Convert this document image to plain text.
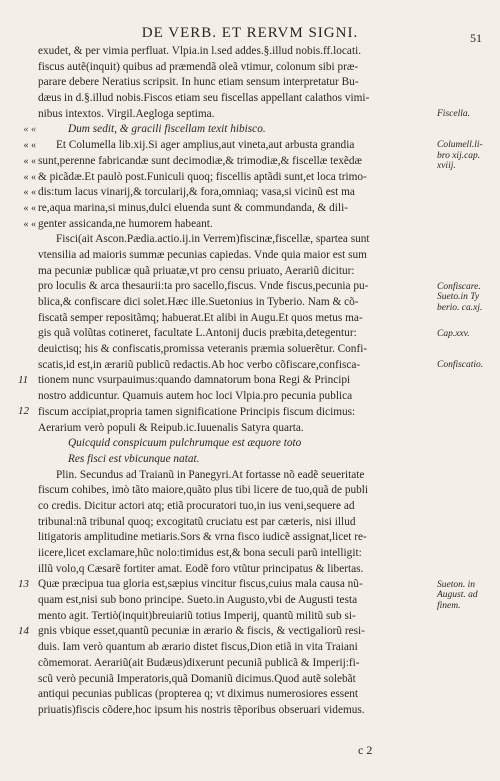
DE VERB. ET RERVM SIGNI.	51
exudet, & per vimia perfluat. Vlpia.in l.sed addes.§.illud nobis.ff.locati.
fiscus autẽ(inquit) quibus ad præmendã oleã vtimur, colonum sibi præ-
parare debere Neratius scripsit. In hunc etiam sensum interpretatur Bu-
dæus in d.§.illud nobis.Fiscos etiam seu fiscellas appellant calathos vimi-
nibus intextos. Virgil.Aegloga septima.
Dum sedit, & gracili fiscellam texit hibisco.
« «
Et Columella lib.xij.Si ager amplius,aut vineta,aut arbusta grandia
« «
sunt,perenne fabricandæ sunt decimodiæ,& trimodiæ,& fiscellæ texẽdæ
« «
& picãdæ.Et paulò post.Funiculi quoq; fiscellis aptãdi sunt,et loca trimo-
« «
dis:tum lacus vinarij,& torcularij,& fora,omniaq; vasa,si vicinũ est ma
« «
re,aqua marina,si minus,dulci eluenda sunt & commundanda, & dili-
« «
genter assicanda,ne humorem habeant.
« «
Fisci(ait Ascon.Pædia.actio.ij.in Verrem)fiscinæ,fiscellæ, spartea sunt
vtensilia ad maioris summæ pecunias capiedas. Vnde quia maior est sum
ma pecuniæ publicæ quã priuatæ,vt pro censu priuato, Aerariũ dicitur:
pro loculis & arca thesaurii:ta pro sacello,fiscus. Vnde fiscus,pecunia pu-
blica,& confiscare dici solet.Hæc ille.Suetonius in Tyberio. Nam & cõ-
fiscatã semper repositãmq; habuerat.Et alibi in Augu.Et quos metus ma-
gis quã volũtas cotineret, facultate L.Antonij ducis præbita,detegentur:
deuictisq; his & confiscatis,promissa veteranis præmia soluerẽtur. Confi-
scatis,id est,in ærariũ publicũ redactis.Ab hoc verbo cõfiscare,confisca-
tionem nunc vsurpauimus:quando damnatorum bona Regi & Principi
nostro addicuntur. Quamuis autem hoc loci Vlpia.pro pecunia publica
fiscum accipiat,propria tamen significatione Principis fiscum dicimus:
Aerarium verò populi & Reipub.ic.Iuuenalis Satyra quarta.
Quicquid conspicuum pulchrumque est æquore toto
Res fisci est vbicunque natat.
Plin. Secundus ad Traianũ in Panegyri.At fortasse nõ eadẽ seueritate
fiscum cohibes, imò tãto maiore,quãto plus tibi licere de tuo,quã de publi
co credis. Dicitur actori atq; etiã procuratori tuo,in ius veni,sequere ad
tribunal:nã tribunal quoq; excogitatũ cruciatu est par cæteris, nisi illud
litigatoris amplitudine metiaris.Sors & vrna fisco iudicẽ assignat,licet re-
iicere,licet exclamare,hũc nolo:timidus est,& bona seculi parũ intelligit:
illũ volo,q Cæsarẽ fortiter amat. Eodẽ foro vtũtur principatus & libertas.
Quæ præcipua tua gloria est,sæpius vincitur fiscus,cuius mala causa nũ-
quam est,nisi sub bono principe. Sueto.in Augusto,vbi de Augusti testa
mento agit. Tertiò(inquit)breuiariũ totius Imperij, quantũ militũ sub si-
gnis vbique esset,quantũ pecuniæ in ærario & fiscis, & vectigaliorũ resi-
duis. Iam verò quantum ab ærario distet fiscus,Dion etiã in vita Traiani
cõmemorat. Aerariũ(ait Budæus)dixerunt pecuniã publicã & Imperij:fi-
scũ verò pecuniã Imperatoris,quã Domaniũ dicimus.Quod autẽ solebãt
antiqui pecunias publicas (propterea q; vt diximus numerosiores essent
priuatis)fiscis cõdere,hoc ipsum his nostris tẽporibus obseruari videmus.
Fiscella.
Columell.li-bro xij.cap. xviij.
Confiscare. Sueto.in Ty berio. ca.xj.
Cap.xxv.
Confiscatio.
Sueton. in August. ad finem.
11
12
13
14
c 2
